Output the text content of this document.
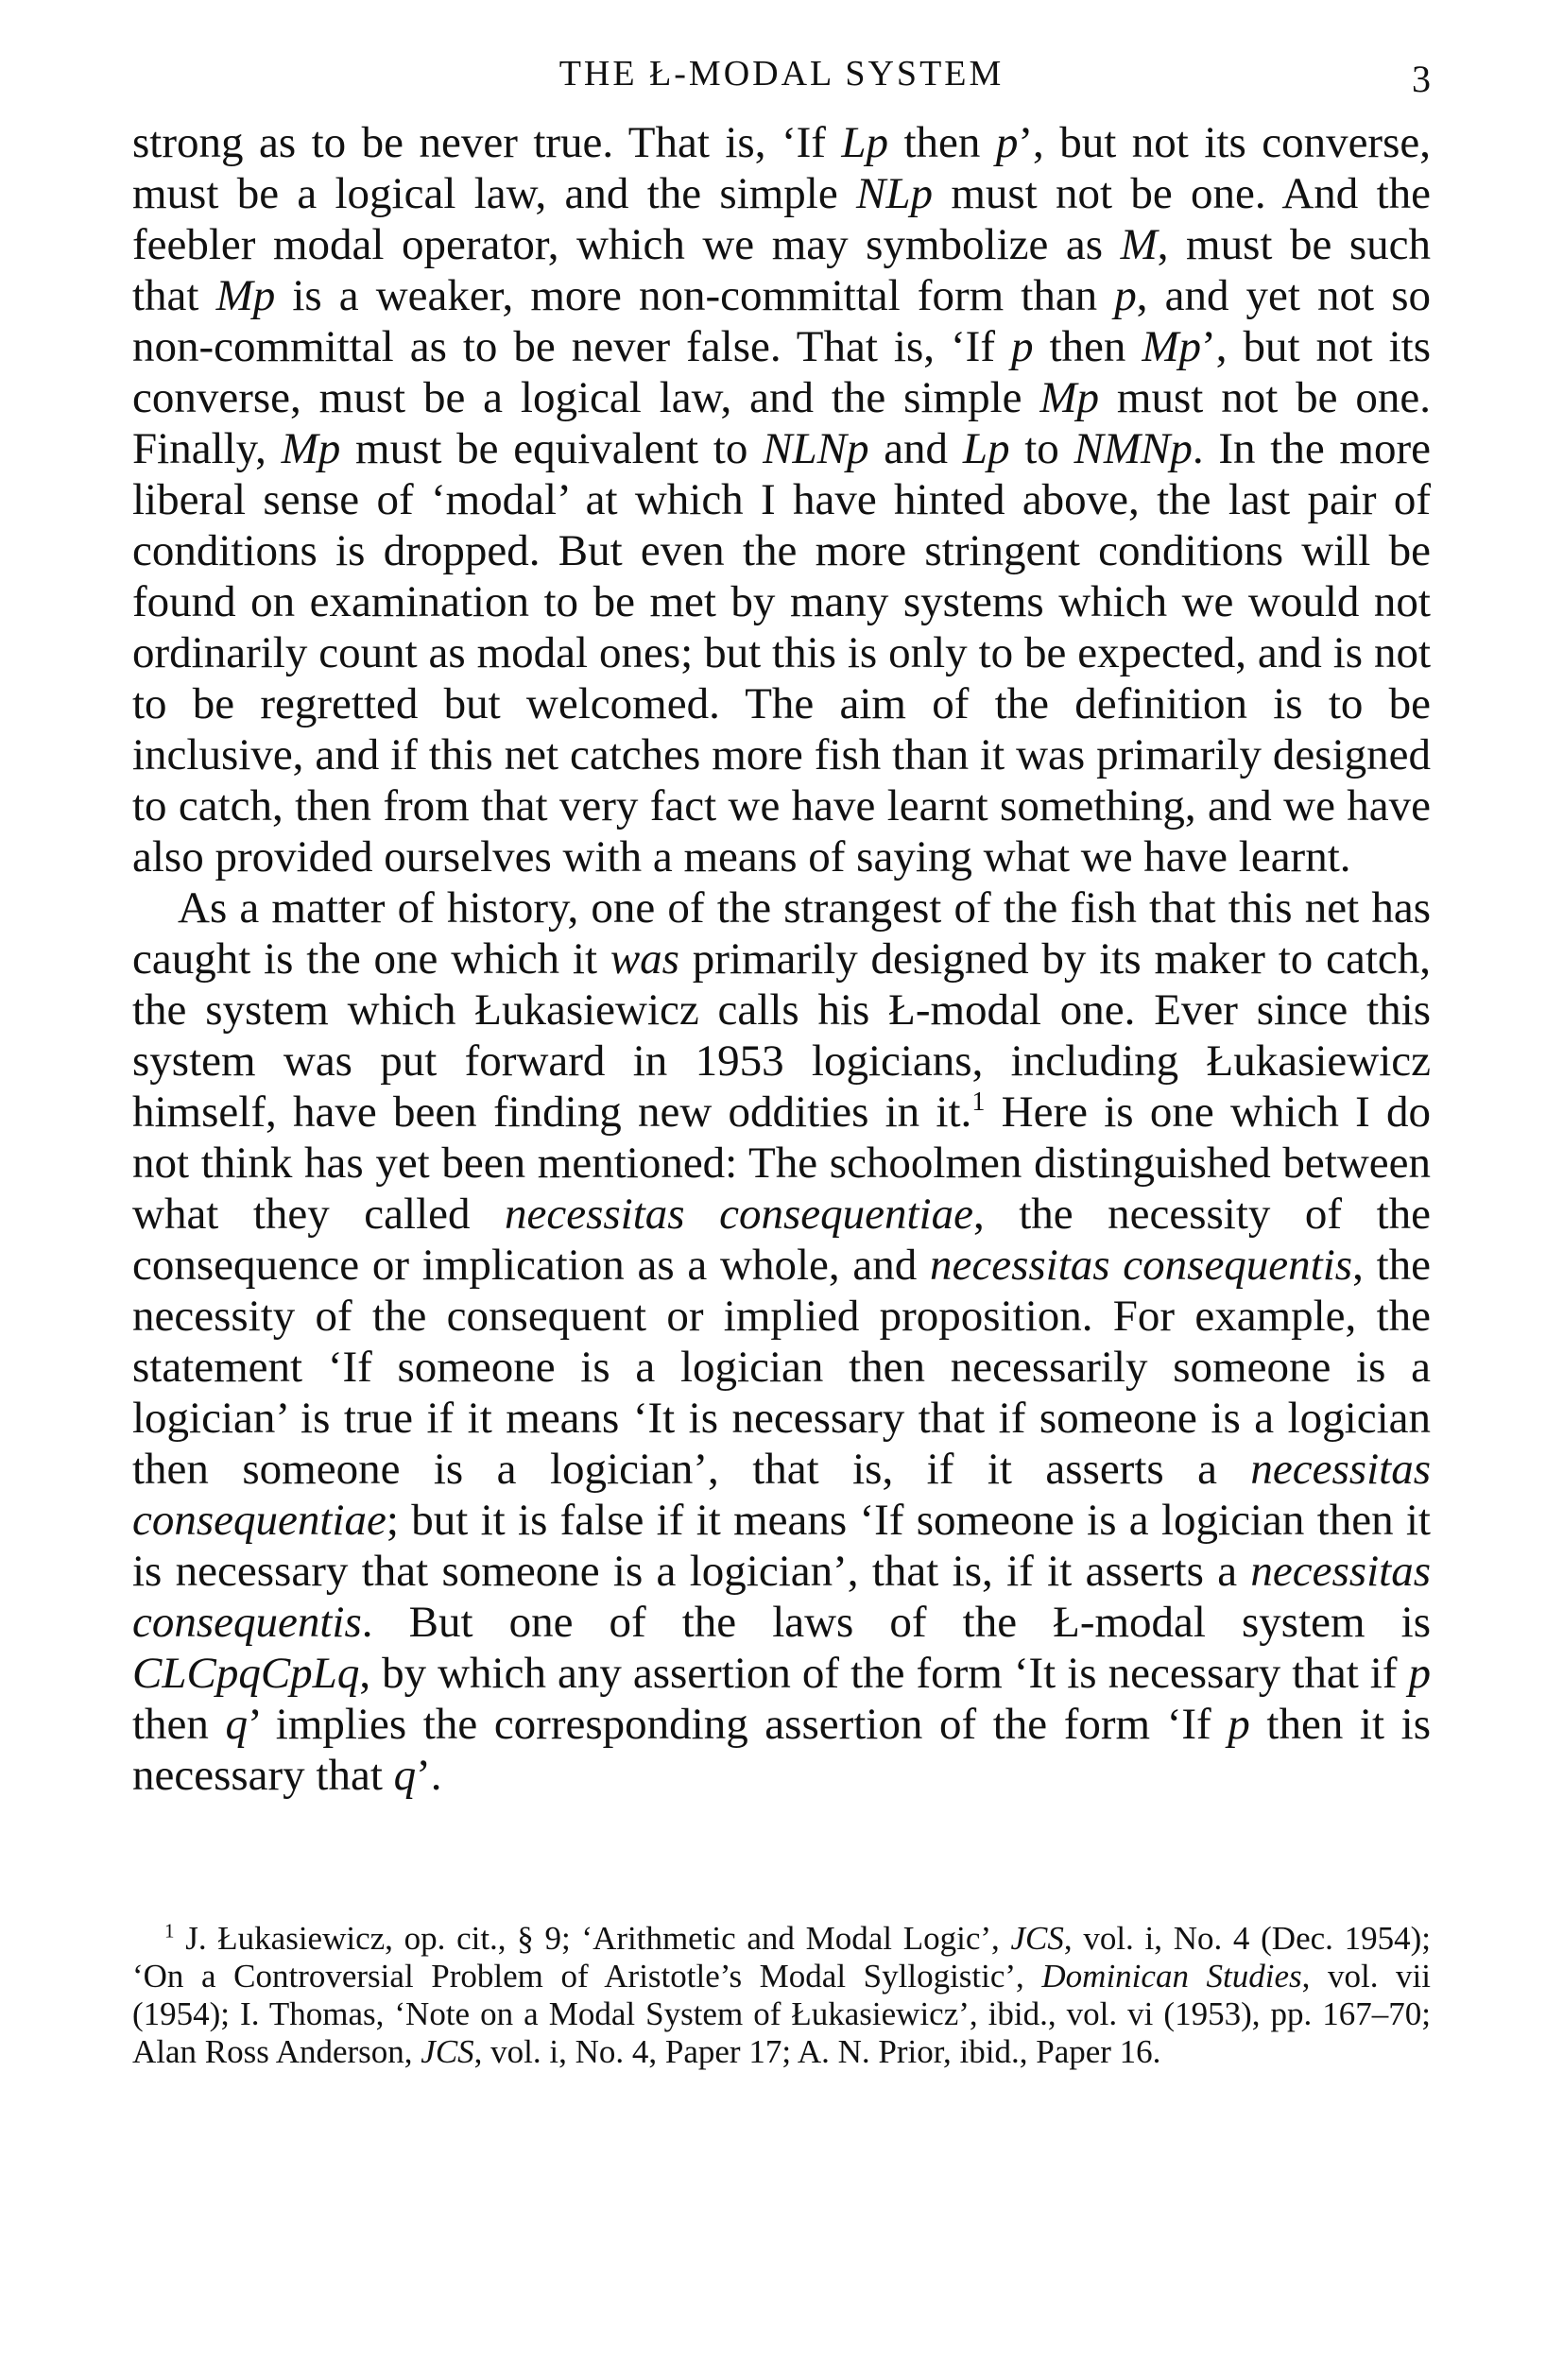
THE Ł-MODAL SYSTEM	3

strong as to be never true. That is, ‘If Lp then p’, but not its converse, must be a logical law, and the simple NLp must not be one. And the feebler modal operator, which we may symbolize as M, must be such that Mp is a weaker, more non-committal form than p, and yet not so non-committal as to be never false. That is, ‘If p then Mp’, but not its converse, must be a logical law, and the simple Mp must not be one. Finally, Mp must be equivalent to NLNp and Lp to NMNp. In the more liberal sense of ‘modal’ at which I have hinted above, the last pair of conditions is dropped. But even the more stringent conditions will be found on examination to be met by many systems which we would not ordinarily count as modal ones; but this is only to be expected, and is not to be regretted but welcomed. The aim of the definition is to be inclusive, and if this net catches more fish than it was primarily designed to catch, then from that very fact we have learnt something, and we have also provided ourselves with a means of saying what we have learnt.

As a matter of history, one of the strangest of the fish that this net has caught is the one which it was primarily designed by its maker to catch, the system which Łukasiewicz calls his Ł-modal one. Ever since this system was put forward in 1953 logicians, including Łukasiewicz himself, have been finding new oddities in it.$^1$ Here is one which I do not think has yet been mentioned: The schoolmen distinguished between what they called necessitas consequentiae, the necessity of the consequence or implication as a whole, and necessitas consequentis, the necessity of the consequent or implied proposition. For example, the statement ‘If someone is a logician then necessarily someone is a logician’ is true if it means ‘It is necessary that if someone is a logician then someone is a logician’, that is, if it asserts a necessitas consequentiae; but it is false if it means ‘If someone is a logician then it is necessary that someone is a logician’, that is, if it asserts a necessitas consequentis. But one of the laws of the Ł-modal system is CLCpqCpLq, by which any assertion of the form ‘It is necessary that if p then q’ implies the corresponding assertion of the form ‘If p then it is necessary that q’.

$^1$ J. Łukasiewicz, op. cit., § 9; ‘Arithmetic and Modal Logic’, JCS, vol. i, No. 4 (Dec. 1954); ‘On a Controversial Problem of Aristotle’s Modal Syllogistic’, Dominican Studies, vol. vii (1954); I. Thomas, ‘Note on a Modal System of Łukasiewicz’, ibid., vol. vi (1953), pp. 167–70; Alan Ross Anderson, JCS, vol. i, No. 4, Paper 17; A. N. Prior, ibid., Paper 16.
